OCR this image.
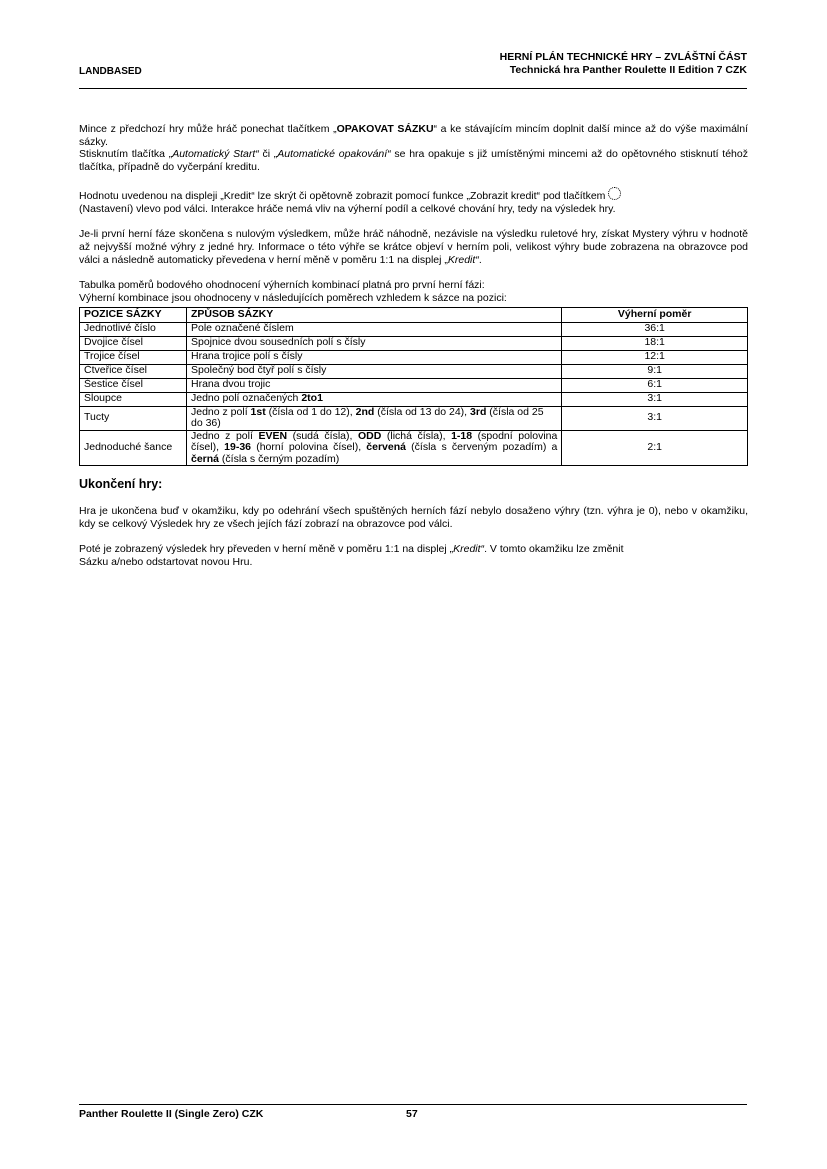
LANDBASED
HERNÍ PLÁN TECHNICKÉ HRY – ZVLÁŠTNÍ ČÁST
Technická hra Panther Roulette II Edition 7 CZK

Mince z předchozí hry může hráč ponechat tlačítkem „OPAKOVAT SÁZKU“ a ke stávajícím mincím doplnit další mince až do výše maximální sázky.

Stisknutím tlačítka „Automatický Start“ či „Automatické opakování“ se hra opakuje s již umístěnými mincemi až do opětovného stisknutí téhož tlačítka, případně do vyčerpání kreditu.

Hodnotu uvedenou na displeji „Kredit“ lze skrýt či opětovně zobrazit pomocí funkce „Zobrazit kredit“ pod tlačítkem
(Nastavení) vlevo pod válci. Interakce hráče nemá vliv na výherní podíl a celkové chování hry, tedy na výsledek hry.

Je-li první herní fáze skončena s nulovým výsledkem, může hráč náhodně, nezávisle na výsledku ruletové hry, získat Mystery výhru v hodnotě až nejvyšší možné výhry z jedné hry. Informace o této výhře se krátce objeví v herním poli, velikost výhry bude zobrazena na obrazovce pod válci a následně automaticky převedena v herní měně v poměru 1:1 na displej „Kredit“.

Tabulka poměrů bodového ohodnocení výherních kombinací platná pro první herní fázi:
Výherní kombinace jsou ohodnoceny v následujících poměrech vzhledem k sázce na pozici:

POZICE SÁZKY	ZPŮSOB SÁZKY	Výherní poměr
Jednotlivé číslo	Pole označené číslem	36:1
Dvojice čísel	Spojnice dvou sousedních polí s čísly	18:1
Trojice čísel	Hrana trojice polí s čísly	12:1
Čtveřice čísel	Společný bod čtyř polí s čísly	9:1
Šestice čísel	Hrana dvou trojic	6:1
Sloupce	Jedno polí označených 2to1	3:1
Tucty	Jedno z polí 1st (čísla od 1 do 12), 2nd (čísla od 13 do 24), 3rd (čísla od 25 do 36)	3:1
Jednoduché šance	Jedno z polí EVEN (sudá čísla), ODD (lichá čísla), 1-18 (spodní polovina čísel), 19-36 (horní polovina čísel), červená (čísla s červeným pozadím) a černá (čísla s černým pozadím)	2:1
Ukončení hry:

Hra je ukončena buď v okamžiku, kdy po odehrání všech spuštěných herních fází nebylo dosaženo výhry (tzn. výhra je 0), nebo v okamžiku, kdy se celkový Výsledek hry ze všech jejích fází zobrazí na obrazovce pod válci.

Poté je zobrazený výsledek hry převeden v herní měně v poměru 1:1 na displej „Kredit“. V tomto okamžiku lze změnit
Sázku a/nebo odstartovat novou Hru.

Panther Roulette II (Single Zero) CZK	57
